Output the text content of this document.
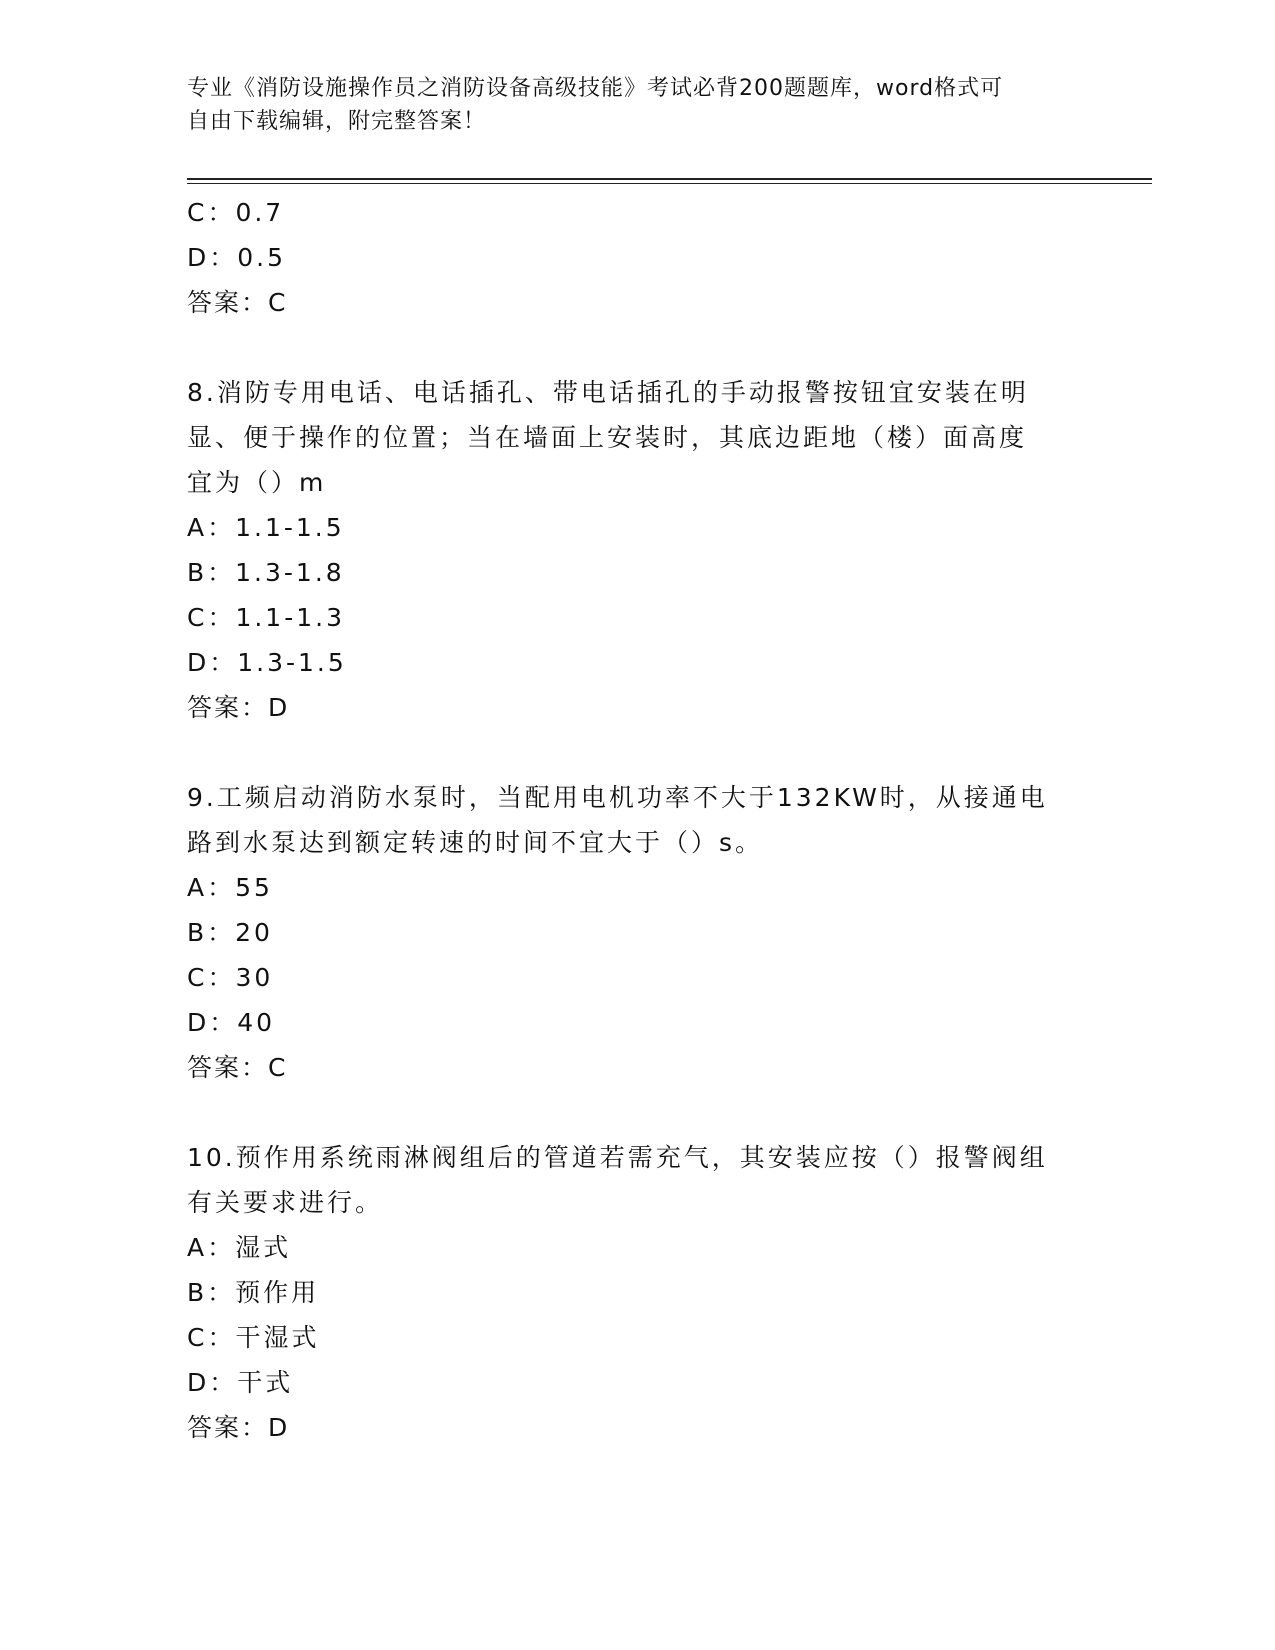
专业《消防设施操作员之消防设备高级技能》考试必背200题题库，word格式可
自由下载编辑，附完整答案！
C：0.7
D：0.5
答案：C
8.消防专用电话、电话插孔、带电话插孔的手动报警按钮宜安装在明
显、便于操作的位置；当在墙面上安装时，其底边距地（楼）面高度
宜为（）m
A：1.1-1.5
B：1.3-1.8
C：1.1-1.3
D：1.3-1.5
答案：D
9.工频启动消防水泵时，当配用电机功率不大于132KW时，从接通电
路到水泵达到额定转速的时间不宜大于（）s。
A：55
B：20
C：30
D：40
答案：C
10.预作用系统雨淋阀组后的管道若需充气，其安装应按（）报警阀组
有关要求进行。
A：湿式
B：预作用
C：干湿式
D：干式
答案：D
